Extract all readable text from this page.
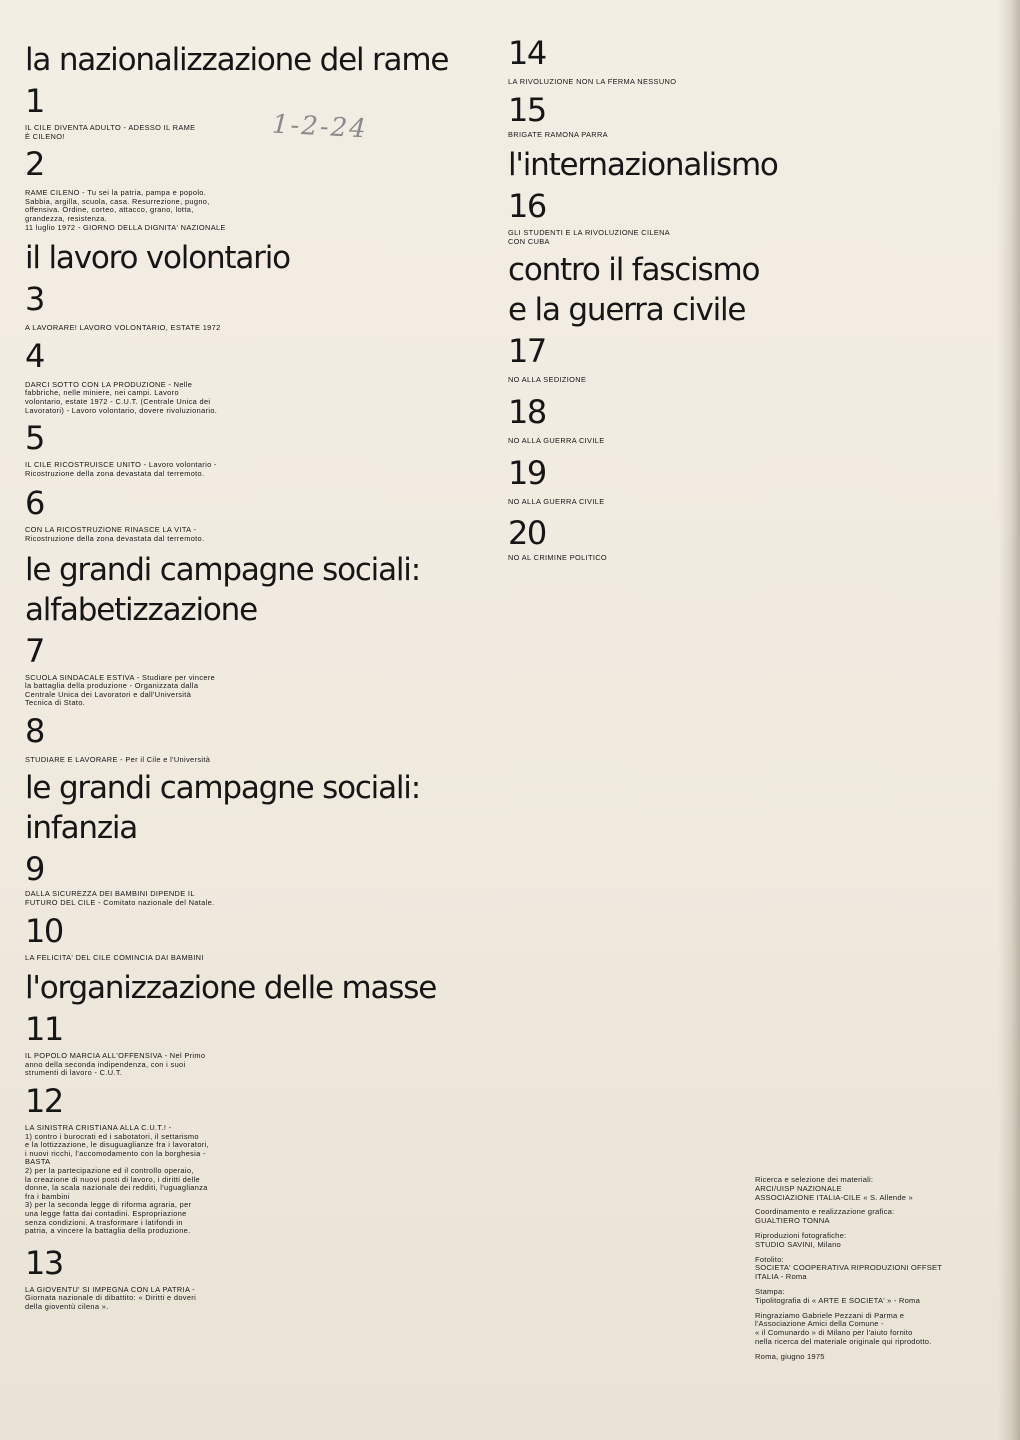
1-2-24

la nazionalizzazione del rame

1

IL CILE DIVENTA ADULTO - ADESSO IL RAME
È CILENO!

2

RAME CILENO - Tu sei la patria, pampa e popolo.
Sabbia, argilla, scuola, casa. Resurrezione, pugno,
offensiva. Ordine, corteo, attacco, grano, lotta,
grandezza, resistenza.
11 luglio 1972 - GIORNO DELLA DIGNITA' NAZIONALE

il lavoro volontario

3

A LAVORARE! LAVORO VOLONTARIO, ESTATE 1972

4

DARCI SOTTO CON LA PRODUZIONE - Nelle
fabbriche, nelle miniere, nei campi. Lavoro
volontario, estate 1972 - C.U.T. (Centrale Unica dei
Lavoratori) - Lavoro volontario, dovere rivoluzionario.

5

IL CILE RICOSTRUISCE UNITO - Lavoro volontario -
Ricostruzione della zona devastata dal terremoto.

6

CON LA RICOSTRUZIONE RINASCE LA VITA -
Ricostruzione della zona devastata dal terremoto.

le grandi campagne sociali:

alfabetizzazione

7

SCUOLA SINDACALE ESTIVA - Studiare per vincere
la battaglia della produzione - Organizzata dalla
Centrale Unica dei Lavoratori e dall'Università
Tecnica di Stato.

8

STUDIARE E LAVORARE - Per il Cile e l'Università

le grandi campagne sociali:

infanzia

9

DALLA SICUREZZA DEI BAMBINI DIPENDE IL
FUTURO DEL CILE - Comitato nazionale del Natale.

10

LA FELICITA' DEL CILE COMINCIA DAI BAMBINI

l'organizzazione delle masse

11

IL POPOLO MARCIA ALL'OFFENSIVA - Nel Primo
anno della seconda indipendenza, con i suoi
strumenti di lavoro - C.U.T.

12

LA SINISTRA CRISTIANA ALLA C.U.T.! -
1) contro i burocrati ed i sabotatori, il settarismo
e la lottizzazione, le disuguaglianze fra i lavoratori,
i nuovi ricchi, l'accomodamento con la borghesia -
BASTA
2) per la partecipazione ed il controllo operaio,
la creazione di nuovi posti di lavoro, i diritti delle
donne, la scala nazionale dei redditi, l'uguaglianza
fra i bambini
3) per la seconda legge di riforma agraria, per
una legge fatta dai contadini. Espropriazione
senza condizioni. A trasformare i latifondi in
patria, a vincere la battaglia della produzione.

13

LA GIOVENTU' SI IMPEGNA CON LA PATRIA -
Giornata nazionale di dibattito: « Diritti e doveri
della gioventù cilena ».

14

LA RIVOLUZIONE NON LA FERMA NESSUNO

15

BRIGATE RAMONA PARRA

l'internazionalismo

16

GLI STUDENTI E LA RIVOLUZIONE CILENA
CON CUBA

contro il fascismo

e la guerra civile

17

NO ALLA SEDIZIONE

18

NO ALLA GUERRA CIVILE

19

NO ALLA GUERRA CIVILE

20

NO AL CRIMINE POLITICO
Ricerca e selezione dei materiali:
ARCI/UISP NAZIONALE
ASSOCIAZIONE ITALIA-CILE « S. Allende »
Coordinamento e realizzazione grafica:
GUALTIERO TONNA
Riproduzioni fotografiche:
STUDIO SAVINI, Milano
Fotolito:
SOCIETA' COOPERATIVA RIPRODUZIONI OFFSET
ITALIA - Roma
Stampa:
Tipolitografia di « ARTE E SOCIETA' » - Roma
Ringraziamo Gabriele Pezzani di Parma e
l'Associazione Amici della Comune -
« il Comunardo » di Milano per l'aiuto fornito
nella ricerca del materiale originale qui riprodotto.
Roma, giugno 1975
